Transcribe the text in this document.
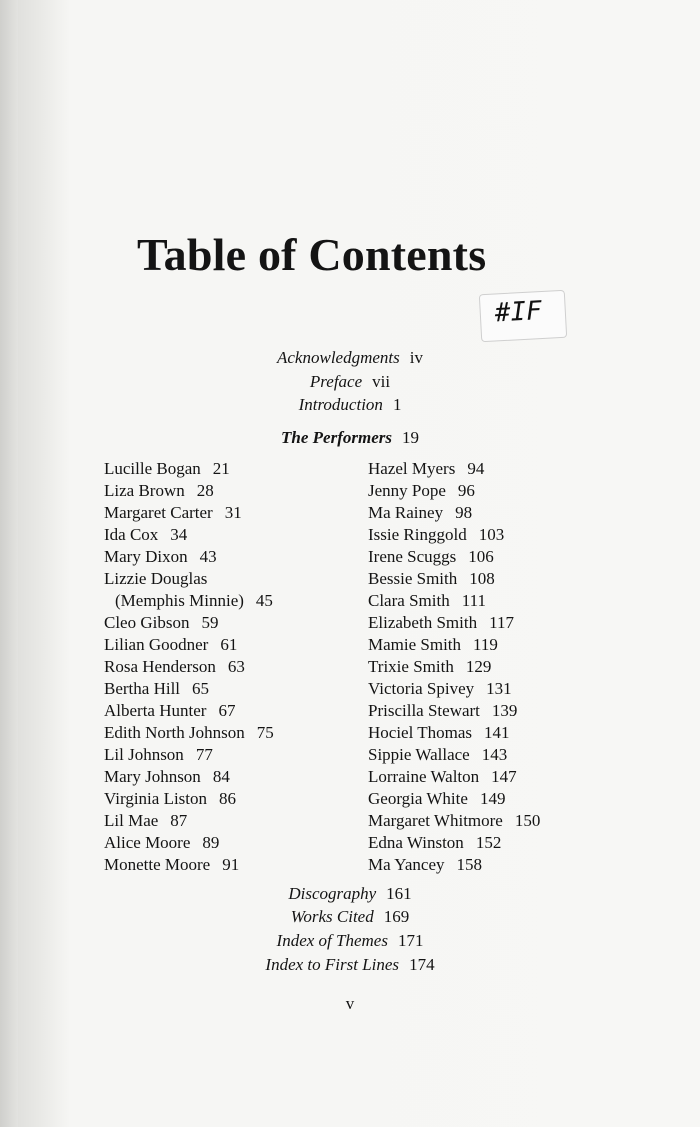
Table of Contents
#IF
Acknowledgments iv
Preface vii
Introduction 1
The Performers 19
Lucille Bogan 21
Liza Brown 28
Margaret Carter 31
Ida Cox 34
Mary Dixon 43
Lizzie Douglas
(Memphis Minnie) 45
Cleo Gibson 59
Lilian Goodner 61
Rosa Henderson 63
Bertha Hill 65
Alberta Hunter 67
Edith North Johnson 75
Lil Johnson 77
Mary Johnson 84
Virginia Liston 86
Lil Mae 87
Alice Moore 89
Monette Moore 91
Hazel Myers 94
Jenny Pope 96
Ma Rainey 98
Issie Ringgold 103
Irene Scuggs 106
Bessie Smith 108
Clara Smith 111
Elizabeth Smith 117
Mamie Smith 119
Trixie Smith 129
Victoria Spivey 131
Priscilla Stewart 139
Hociel Thomas 141
Sippie Wallace 143
Lorraine Walton 147
Georgia White 149
Margaret Whitmore 150
Edna Winston 152
Ma Yancey 158
Discography 161
Works Cited 169
Index of Themes 171
Index to First Lines 174
v
